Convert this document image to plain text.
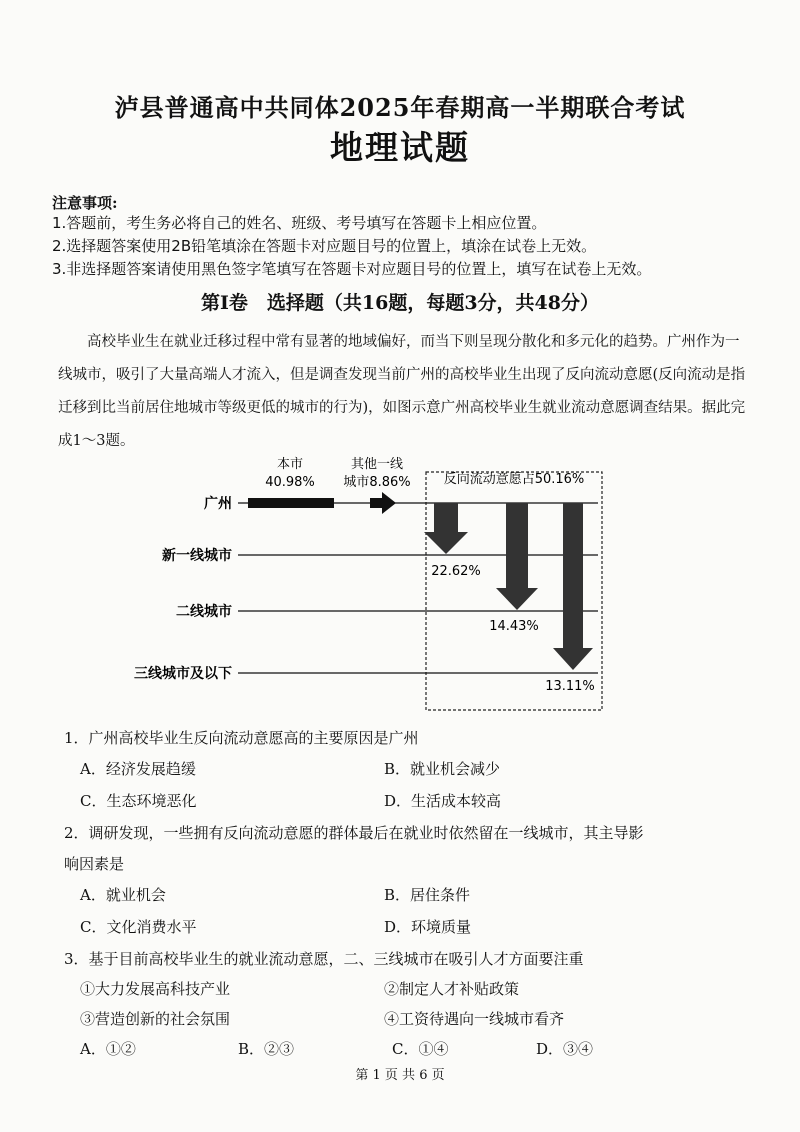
泸县普通高中共同体2025年春期高一半期联合考试
地理试题
注意事项:
1.答题前，考生务必将自己的姓名、班级、考号填写在答题卡上相应位置。
2.选择题答案使用2B铅笔填涂在答题卡对应题目号的位置上，填涂在试卷上无效。
3.非选择题答案请使用黑色签字笔填写在答题卡对应题目号的位置上，填写在试卷上无效。
第Ⅰ卷　选择题（共16题，每题3分，共48分）
高校毕业生在就业迁移过程中常有显著的地域偏好，而当下则呈现分散化和多元化的趋势。广州作为一线城市，吸引了大量高端人才流入，但是调查发现当前广州的高校毕业生出现了反向流动意愿(反向流动是指迁移到比当前居住地城市等级更低的城市的行为)，如图示意广州高校毕业生就业流动意愿调查结果。据此完成1～3题。
本市
40.98%
其他一线
城市8.86%	反向流动意愿占50.16%
广州
新一线城市
二线城市
三线城市及以下
22.62%
14.43%
13.11%
1．广州高校毕业生反向流动意愿高的主要原因是广州
A．经济发展趋缓	B．就业机会减少
C．生态环境恶化	D．生活成本较高
2．调研发现，一些拥有反向流动意愿的群体最后在就业时依然留在一线城市，其主导影
响因素是
A．就业机会	B．居住条件
C．文化消费水平	D．环境质量
3．基于目前高校毕业生的就业流动意愿，二、三线城市在吸引人才方面要注重
①大力发展高科技产业	②制定人才补贴政策
③营造创新的社会氛围	④工资待遇向一线城市看齐
A．①②	B．②③	C．①④	D．③④
第 1 页 共 6 页
